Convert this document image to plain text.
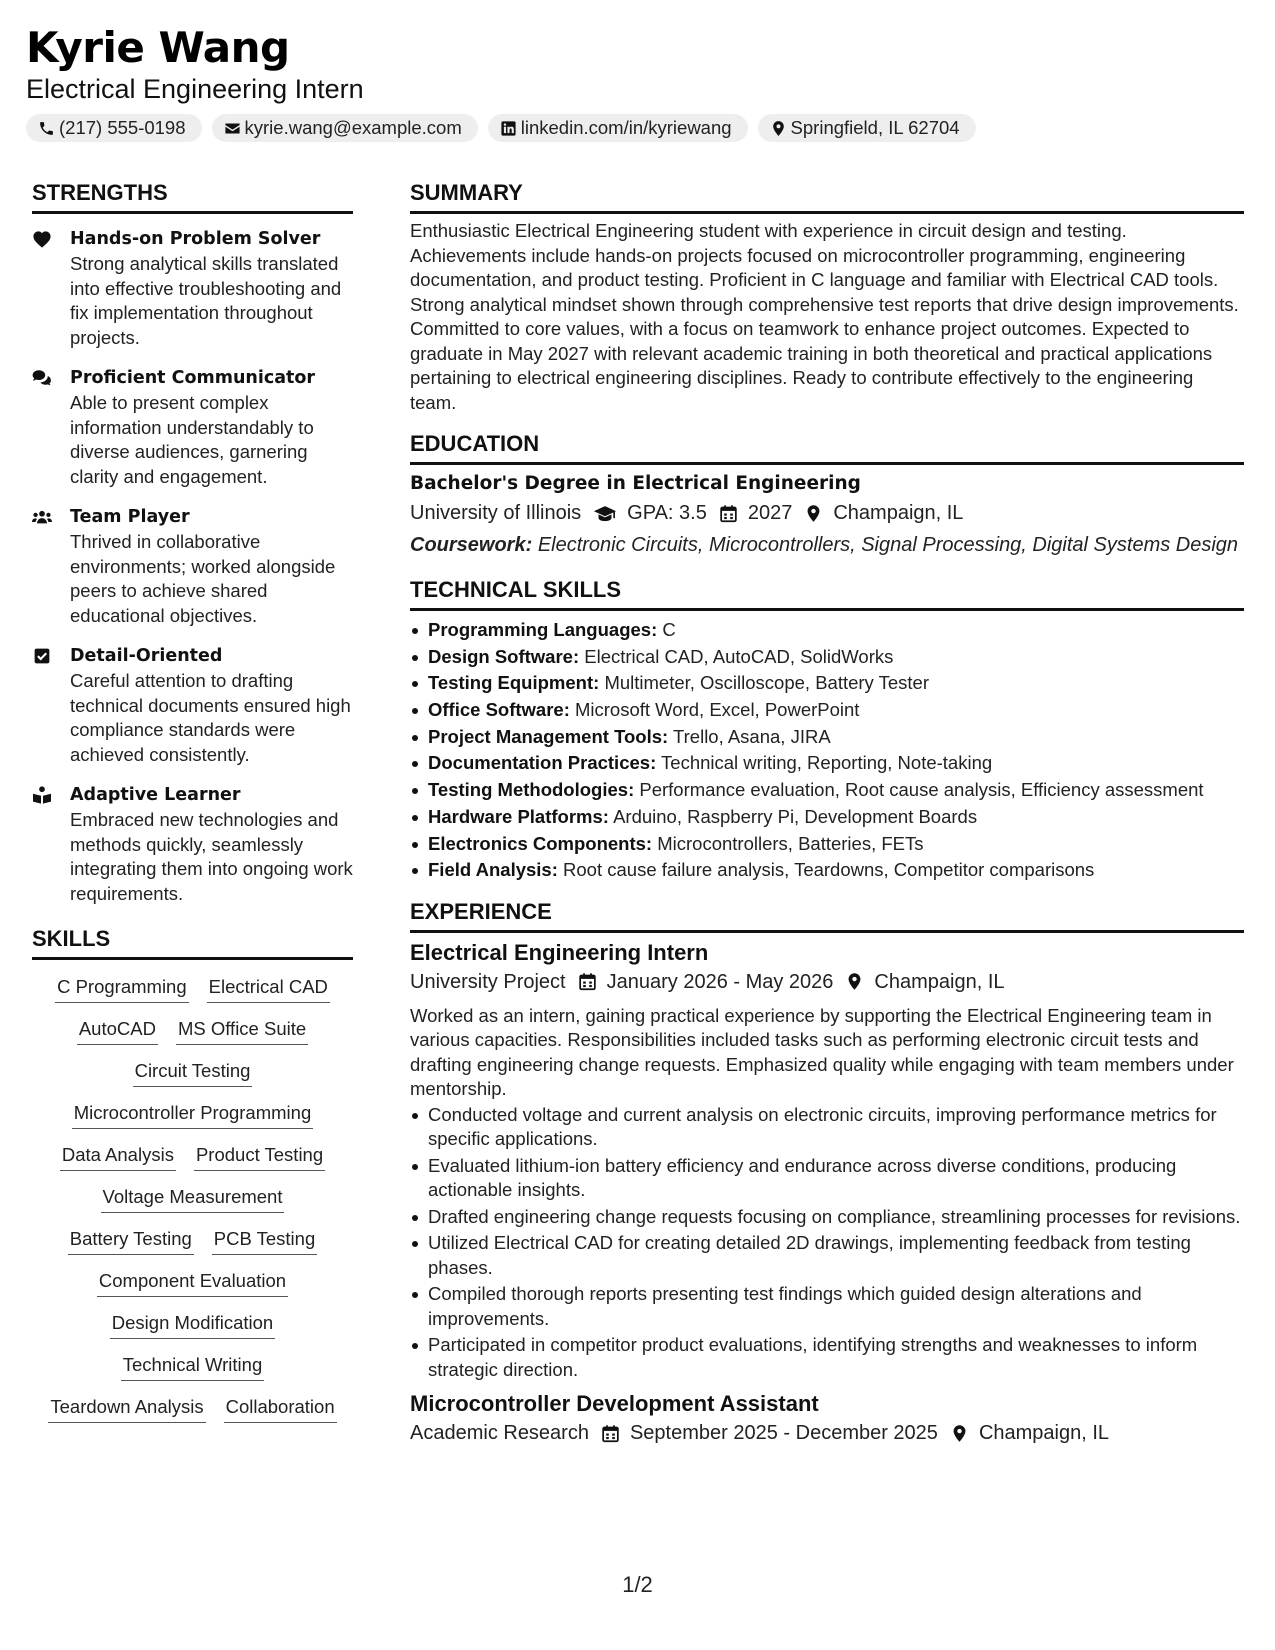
Kyrie Wang
Electrical Engineering Intern
(217) 555-0198	kyrie.wang@example.com	linkedin.com/in/kyriewang	Springfield, IL 62704
STRENGTHS
Hands-on Problem Solver
Strong analytical skills translated into effective troubleshooting and fix implementation throughout projects.
Proficient Communicator
Able to present complex information understandably to diverse audiences, garnering clarity and engagement.
Team Player
Thrived in collaborative environments; worked alongside peers to achieve shared educational objectives.
Detail-Oriented
Careful attention to drafting technical documents ensured high compliance standards were achieved consistently.
Adaptive Learner
Embraced new technologies and methods quickly, seamlessly integrating them into ongoing work requirements.
SKILLS
C Programming Electrical CAD
AutoCAD MS Office Suite
Circuit Testing
Microcontroller Programming
Data Analysis Product Testing
Voltage Measurement
Battery Testing PCB Testing
Component Evaluation
Design Modification
Technical Writing
Teardown Analysis Collaboration
SUMMARY
Enthusiastic Electrical Engineering student with experience in circuit design and testing. Achievements include hands-on projects focused on microcontroller programming, engineering documentation, and product testing. Proficient in C language and familiar with Electrical CAD tools. Strong analytical mindset shown through comprehensive test reports that drive design improvements. Committed to core values, with a focus on teamwork to enhance project outcomes. Expected to graduate in May 2027 with relevant academic training in both theoretical and practical applications pertaining to electrical engineering disciplines. Ready to contribute effectively to the engineering team.
EDUCATION
Bachelor's Degree in Electrical Engineering
University of Illinois GPA: 3.5 2027 Champaign, IL
Coursework: Electronic Circuits, Microcontrollers, Signal Processing, Digital Systems Design
TECHNICAL SKILLS
Programming Languages: C
Design Software: Electrical CAD, AutoCAD, SolidWorks
Testing Equipment: Multimeter, Oscilloscope, Battery Tester
Office Software: Microsoft Word, Excel, PowerPoint
Project Management Tools: Trello, Asana, JIRA
Documentation Practices: Technical writing, Reporting, Note-taking
Testing Methodologies: Performance evaluation, Root cause analysis, Efficiency assessment
Hardware Platforms: Arduino, Raspberry Pi, Development Boards
Electronics Components: Microcontrollers, Batteries, FETs
Field Analysis: Root cause failure analysis, Teardowns, Competitor comparisons
EXPERIENCE
Electrical Engineering Intern
University Project January 2026 - May 2026 Champaign, IL
Worked as an intern, gaining practical experience by supporting the Electrical Engineering team in various capacities. Responsibilities included tasks such as performing electronic circuit tests and drafting engineering change requests. Emphasized quality while engaging with team members under mentorship.
Conducted voltage and current analysis on electronic circuits, improving performance metrics for specific applications.
Evaluated lithium-ion battery efficiency and endurance across diverse conditions, producing actionable insights.
Drafted engineering change requests focusing on compliance, streamlining processes for revisions.
Utilized Electrical CAD for creating detailed 2D drawings, implementing feedback from testing phases.
Compiled thorough reports presenting test findings which guided design alterations and improvements.
Participated in competitor product evaluations, identifying strengths and weaknesses to inform strategic direction.
Microcontroller Development Assistant
Academic Research September 2025 - December 2025 Champaign, IL
1/2
